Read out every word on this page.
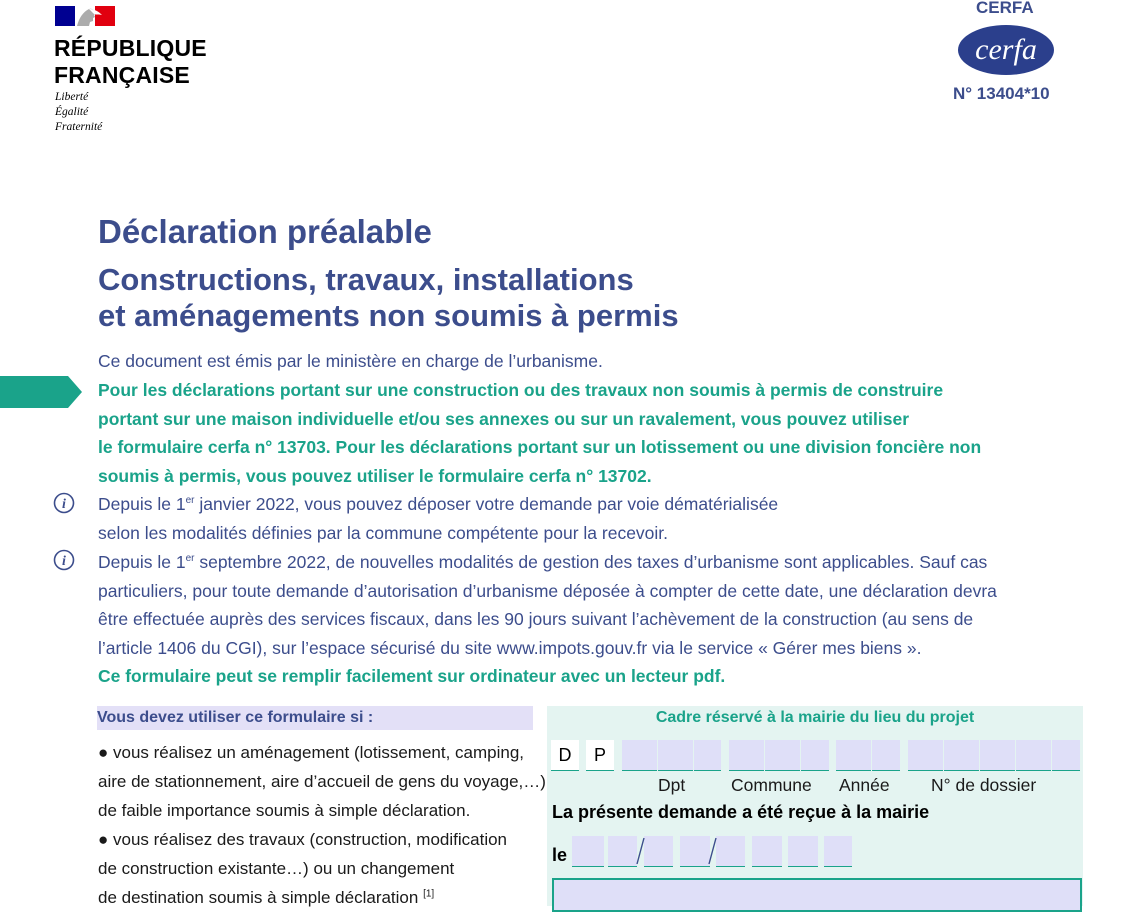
RÉPUBLIQUE
FRANÇAISE
Liberté
Égalité
Fraternité
CERFA
cerfa
N° 13404*10
Déclaration préalable
Constructions, travaux, installations
et aménagements non soumis à permis
Ce document est émis par le ministère en charge de l’urbanisme.
Pour les déclarations portant sur une construction ou des travaux non soumis à permis de construire
portant sur une maison individuelle et/ou ses annexes ou sur un ravalement, vous pouvez utiliser
le formulaire cerfa n° 13703. Pour les déclarations portant sur un lotissement ou une division foncière non
soumis à permis, vous pouvez utiliser le formulaire cerfa n° 13702.
i Depuis le 1er janvier 2022, vous pouvez déposer votre demande par voie dématérialisée
selon les modalités définies par la commune compétente pour la recevoir.
i Depuis le 1er septembre 2022, de nouvelles modalités de gestion des taxes d’urbanisme sont applicables. Sauf cas
particuliers, pour toute demande d’autorisation d’urbanisme déposée à compter de cette date, une déclaration devra
être effectuée auprès des services fiscaux, dans les 90 jours suivant l’achèvement de la construction (au sens de
l’article 1406 du CGI), sur l’espace sécurisé du site www.impots.gouv.fr via le service « Gérer mes biens ».
Ce formulaire peut se remplir facilement sur ordinateur avec un lecteur pdf.
Vous devez utiliser ce formulaire si :
● vous réalisez un aménagement (lotissement, camping,
aire de stationnement, aire d’accueil de gens du voyage,…)
de faible importance soumis à simple déclaration.
● vous réalisez des travaux (construction, modification
de construction existante…) ou un changement
de destination soumis à simple déclaration [1]
Cadre réservé à la mairie du lieu du projet
D	P
Dpt	Commune Année N° de dossier
La présente demande a été reçue à la mairie
le
